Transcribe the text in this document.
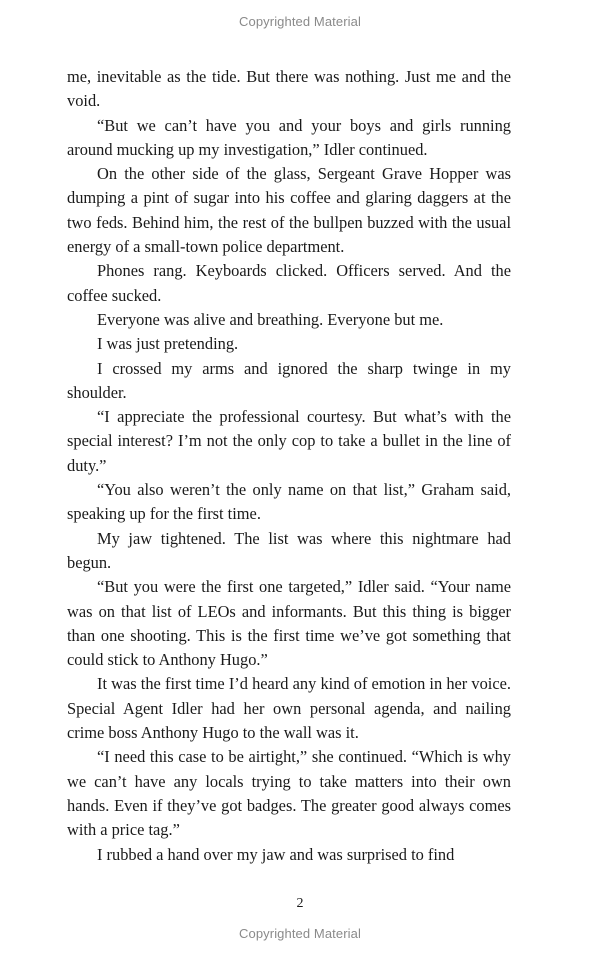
Copyrighted Material

me, inevitable as the tide. But there was nothing. Just me and the void.

“But we can’t have you and your boys and girls running around mucking up my investigation,” Idler continued.

On the other side of the glass, Sergeant Grave Hopper was dumping a pint of sugar into his coffee and glaring daggers at the two feds. Behind him, the rest of the bullpen buzzed with the usual energy of a small-town police department.

Phones rang. Keyboards clicked. Officers served. And the coffee sucked.

Everyone was alive and breathing. Everyone but me.

I was just pretending.

I crossed my arms and ignored the sharp twinge in my shoulder.

“I appreciate the professional courtesy. But what’s with the special interest? I’m not the only cop to take a bullet in the line of duty.”

“You also weren’t the only name on that list,” Graham said, speaking up for the first time.

My jaw tightened. The list was where this nightmare had begun.

“But you were the first one targeted,” Idler said. “Your name was on that list of LEOs and informants. But this thing is bigger than one shooting. This is the first time we’ve got something that could stick to Anthony Hugo.”

It was the first time I’d heard any kind of emotion in her voice. Special Agent Idler had her own personal agenda, and nailing crime boss Anthony Hugo to the wall was it.

“I need this case to be airtight,” she continued. “Which is why we can’t have any locals trying to take matters into their own hands. Even if they’ve got badges. The greater good always comes with a price tag.”

I rubbed a hand over my jaw and was surprised to find

2
Copyrighted Material
